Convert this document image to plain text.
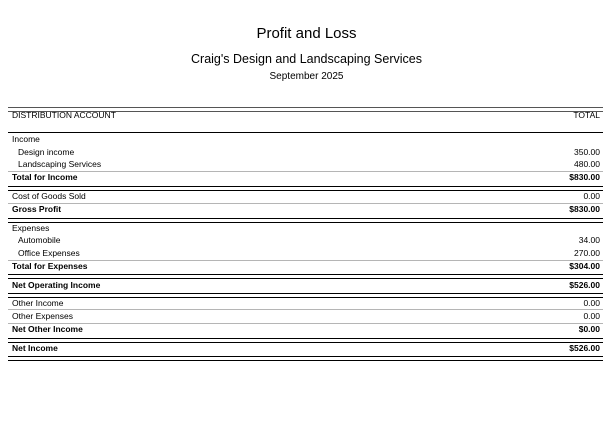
Profit and Loss
Craig's Design and Landscaping Services
September 2025
DISTRIBUTION ACCOUNT	TOTAL
Income
Design income	350.00
Landscaping Services	480.00
Total for Income	$830.00
Cost of Goods Sold	0.00
Gross Profit	$830.00
Expenses
Automobile	34.00
Office Expenses	270.00
Total for Expenses	$304.00
Net Operating Income	$526.00
Other Income	0.00
Other Expenses	0.00
Net Other Income	$0.00
Net Income	$526.00
